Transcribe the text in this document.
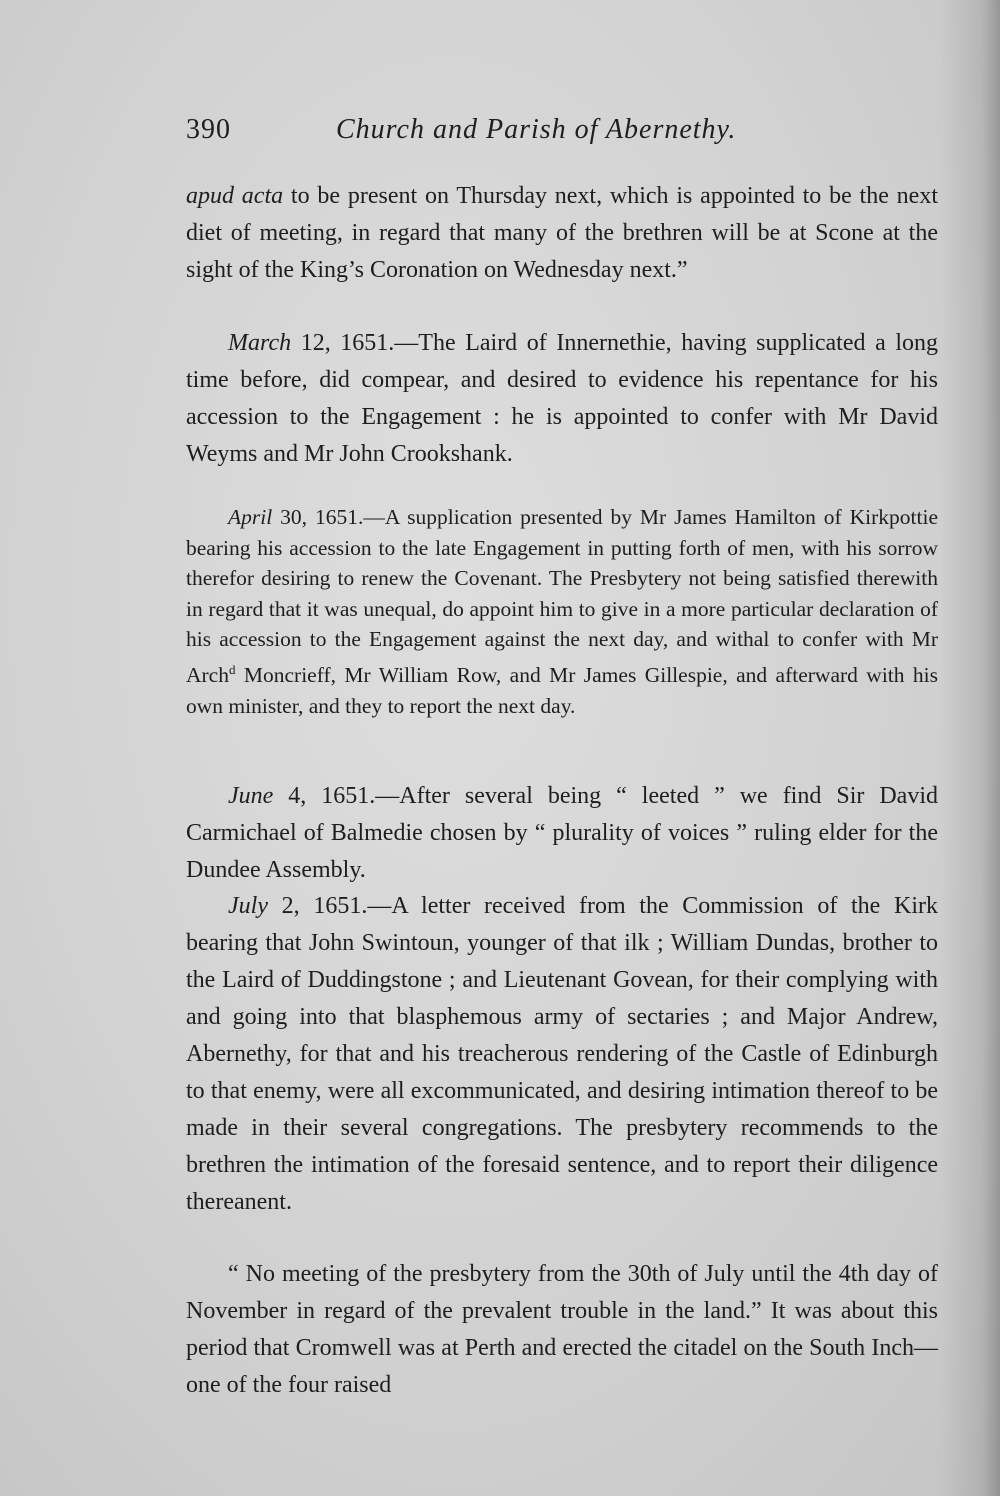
390	Church and Parish of Abernethy.

apud acta to be present on Thursday next, which is appointed to be the next diet of meeting, in regard that many of the brethren will be at Scone at the sight of the King’s Coronation on Wednesday next.”

March 12, 1651.—The Laird of Innernethie, having supplicated a long time before, did compear, and desired to evidence his repentance for his accession to the Engagement : he is appointed to confer with Mr David Weyms and Mr John Crookshank.

April 30, 1651.—A supplication presented by Mr James Hamilton of Kirkpottie bearing his accession to the late Engagement in putting forth of men, with his sorrow therefor desiring to renew the Covenant. The Presbytery not being satisfied therewith in regard that it was unequal, do appoint him to give in a more particular declaration of his accession to the Engagement against the next day, and withal to confer with Mr Arch$^d$ Moncrieff, Mr William Row, and Mr James Gillespie, and afterward with his own minister, and they to report the next day.

June 4, 1651.—After several being “ leeted ” we find Sir David Carmichael of Balmedie chosen by “ plurality of voices ” ruling elder for the Dundee Assembly.

July 2, 1651.—A letter received from the Commission of the Kirk bearing that John Swintoun, younger of that ilk ; William Dundas, brother to the Laird of Duddingstone ; and Lieutenant Govean, for their complying with and going into that blasphemous army of sectaries ; and Major Andrew, Abernethy, for that and his treacherous rendering of the Castle of Edinburgh to that enemy, were all excommunicated, and desiring intimation thereof to be made in their several congregations. The presbytery recommends to the brethren the intimation of the foresaid sentence, and to report their diligence thereanent.

“ No meeting of the presbytery from the 30th of July until the 4th day of November in regard of the prevalent trouble in the land.” It was about this period that Cromwell was at Perth and erected the citadel on the South Inch—one of the four raised
